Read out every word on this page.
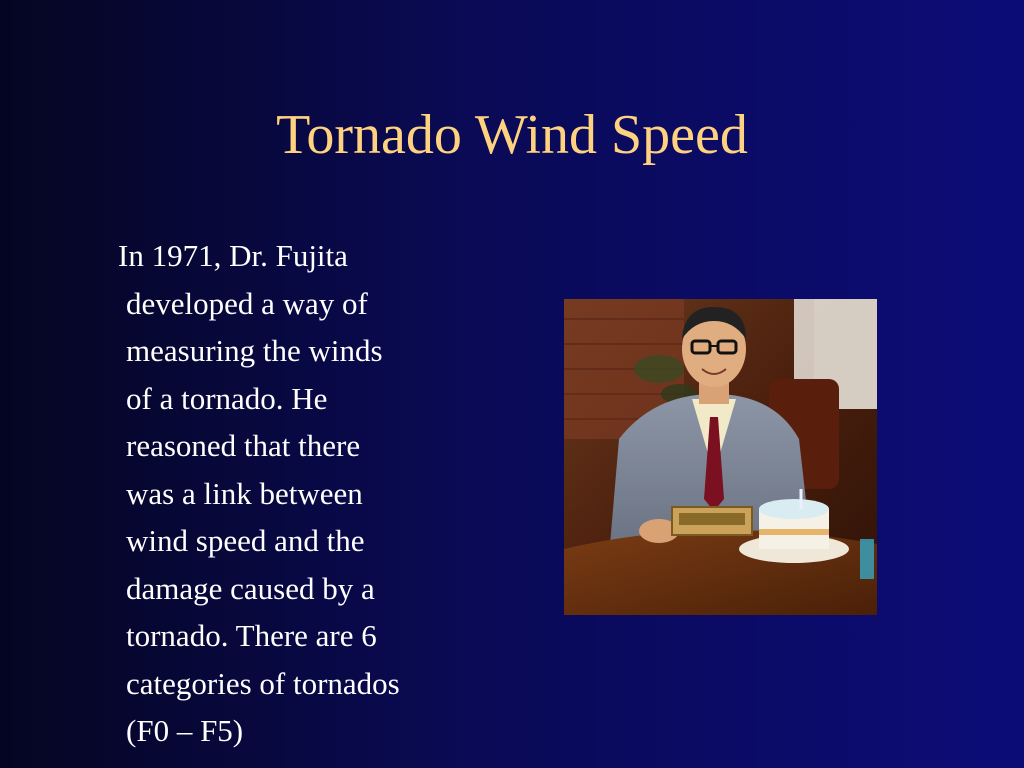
Tornado Wind Speed
In 1971, Dr. Fujita
developed a way of
measuring the winds
of a tornado. He
reasoned that there
was a link between
wind speed and the
damage caused by a
tornado. There are 6
categories of tornados
(F0 – F5)
